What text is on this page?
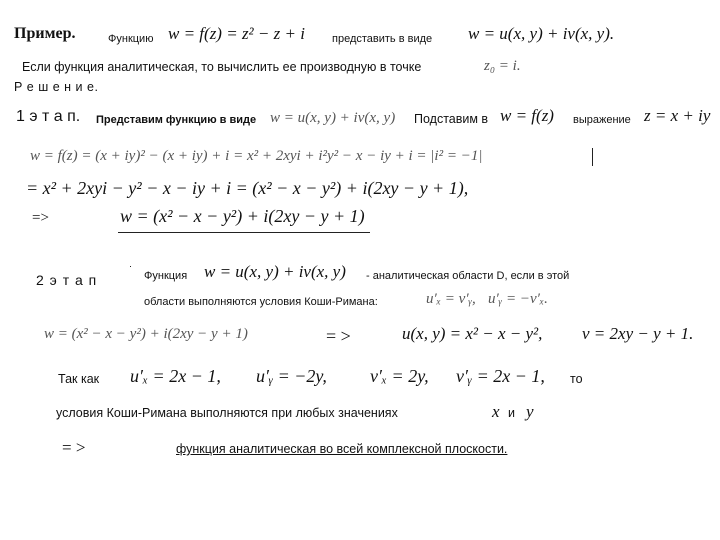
Пример.	Функцию w = f(z) = z² − z + i представить в виде w = u(x, y) + iv(x, y).
Если функция аналитическая, то вычислить ее производную в точке	z₀ = i.
Р е ш е н и е.
1 э т а п. Представим функцию в виде w = u(x, y) + iv(x, y) Подставим в w = f(z) выражение z = x + iy
w = f(z) = (x + iy)² − (x + iy) + i = x² + 2xyi + i²y² − x − iy + i = |i² = −1|
= x² + 2xyi − y² − x − iy + i = (x² − x − y²) + i(2xy − y + 1),
=>	w = (x² − x − y²) + i(2xy − y + 1)
2 э т а п	Функция w = u(x, y) + iv(x, y) - аналитическая области D, если в этой
области выполняются условия Коши-Римана:	u′ₓ = v′ᵧ, u′ᵧ = −v′ₓ.
w = (x² − x − y²) + i(2xy − y + 1)	= >	u(x, y) = x² − x − y², v = 2xy − y + 1.
Так как u′ₓ = 2x − 1, u′ᵧ = −2y, v′ₓ = 2y, v′ᵧ = 2x − 1, то
условия Коши-Римана выполняются при любых значениях	x и y
= >	функция аналитическая во всей комплексной плоскости.
